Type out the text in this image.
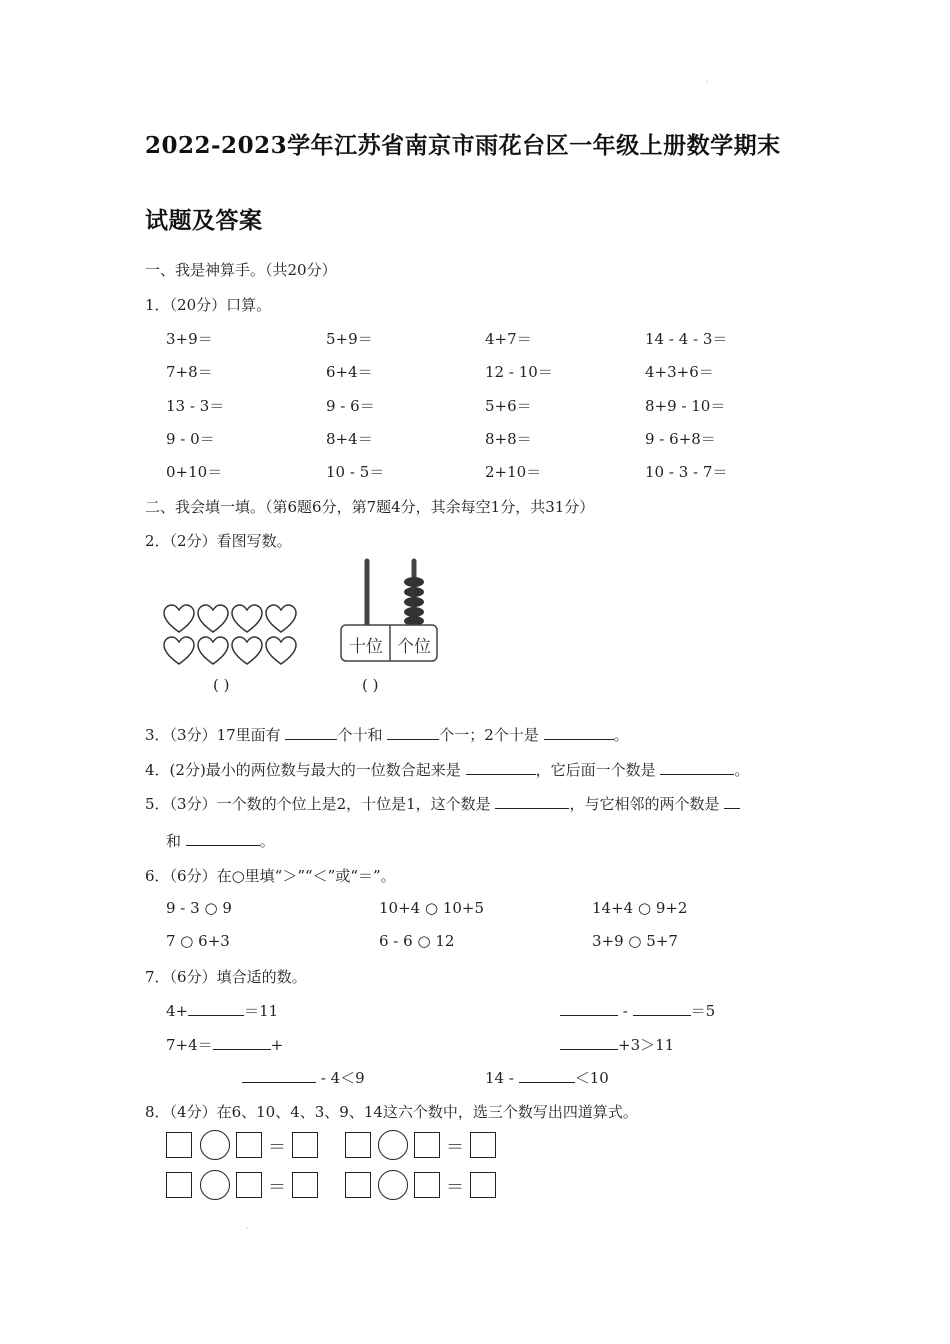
﹒
2022-2023学年江苏省南京市雨花台区一年级上册数学期末
试题及答案
一、我是神算手。（共20分）
1．（20分）口算。
3+9＝	5+9＝	4+7＝	14 - 4 - 3＝
7+8＝	6+4＝	12 - 10＝	4+3+6＝
13 - 3＝	9 - 6＝	5+6＝	8+9 - 10＝
9 - 0＝	8+4＝	8+8＝	9 - 6+8＝
0+10＝	10 - 5＝	2+10＝	10 - 3 - 7＝
二、我会填一填。（第6题6分，第7题4分，其余每空1分，共31分）
2．（2分）看图写数。
( )
十位 个位
( )
3．（3分）17里面有	个十和	个一；2个十是	。
4．(2分)最小的两位数与最大的一位数合起来是	，它后面一个数是	。
5．（3分）一个数的个位上是2，十位是1，这个数是	，与它相邻的两个数是
和	。
6．（6分）在○里填“＞”“＜”或“＝”。
9 - 3 ○ 9	10+4 ○ 10+5	14+4 ○ 9+2
7 ○ 6+3	6 - 6 ○ 12	3+9 ○ 5+7
7．（6分）填合适的数。
4+	＝11	-	＝5
7+4＝	+	+3＞11
- 4＜9	14 -	＜10
8．（4分）在6、10、4、3、9、14这六个数中，选三个数写出四道算式。
＝	＝
＝	＝
﹒
